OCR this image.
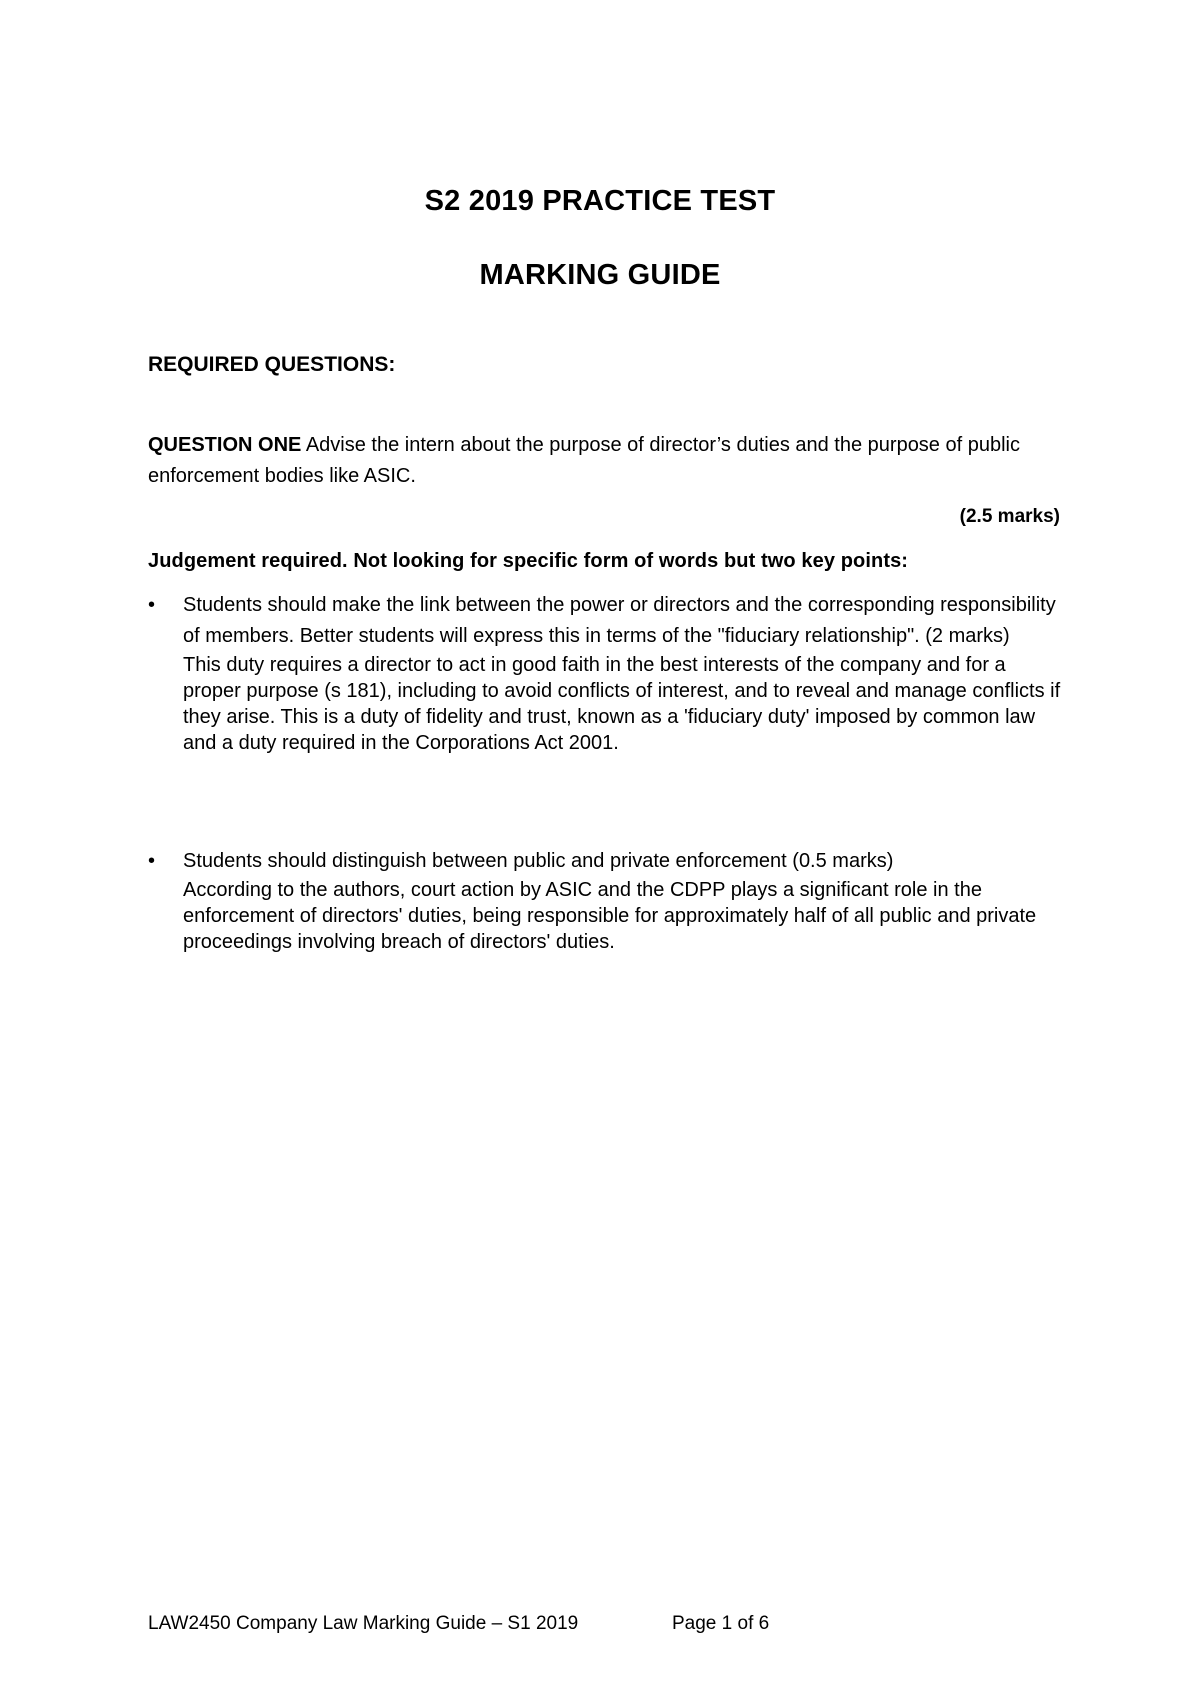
S2 2019 PRACTICE TEST
MARKING GUIDE
REQUIRED QUESTIONS:
QUESTION ONE Advise the intern about the purpose of director’s duties and the purpose of public enforcement bodies like ASIC.
(2.5 marks)
Judgement required. Not looking for specific form of words but two key points:
• Students should make the link between the power or directors and the corresponding responsibility of members. Better students will express this in terms of the "fiduciary relationship". (2 marks)

This duty requires a director to act in good faith in the best interests of the company and for a proper purpose (s 181), including to avoid conflicts of interest, and to reveal and manage conflicts if they arise. This is a duty of fidelity and trust, known as a 'fiduciary duty' imposed by common law and a duty required in the Corporations Act 2001.

• Students should distinguish between public and private enforcement (0.5 marks)

According to the authors, court action by ASIC and the CDPP plays a significant role in the enforcement of directors' duties, being responsible for approximately half of all public and private proceedings involving breach of directors' duties.

LAW2450 Company Law Marking Guide – S1 2019	Page 1 of 6
